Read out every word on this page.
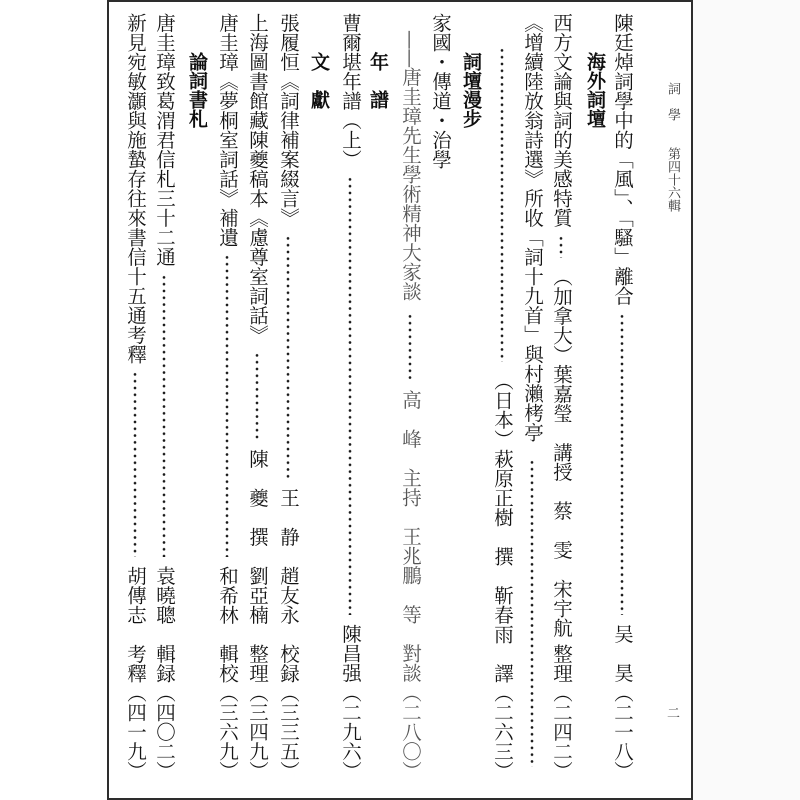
詞　學　　第四十六輯
二
陳廷焯詞學中的「風」、「騷」離合
吴　昊
（二一八）
海外詞壇
西方文論與詞的美感特質
（加拿大）葉嘉瑩　講授　蔡　雯　宋宇航 整理
（二四二）
《增續陸放翁詩選》所收「詞十九首」與村瀨栲亭
（日本）萩原正樹　撰　靳春雨　譯
（二六三）
詞壇漫步
家國・傳道・治學
——
唐圭璋先生學術精神大家談
高　峰　主持　王兆鵬　等　對談
（二八〇）
年　譜
曹爾堪年譜（上）
陳昌强
（二九六）
文　獻
張履恒《詞律補案綴言》
王　静　趙友永　校録
（三三五）
上海圖書館藏陳夔稿本《慮尊室詞話》
陳　夔　撰　劉亞楠　整理
（三四九）
唐圭璋《夢桐室詞話》補遺
和希林　輯校
（三六九）
論詞書札
唐圭璋致葛渭君信札三十二通
袁曉聰　輯録
（四〇二）
新見宛敏灝與施蟄存往來書信十五通考釋
胡傳志　考釋
（四一九）
